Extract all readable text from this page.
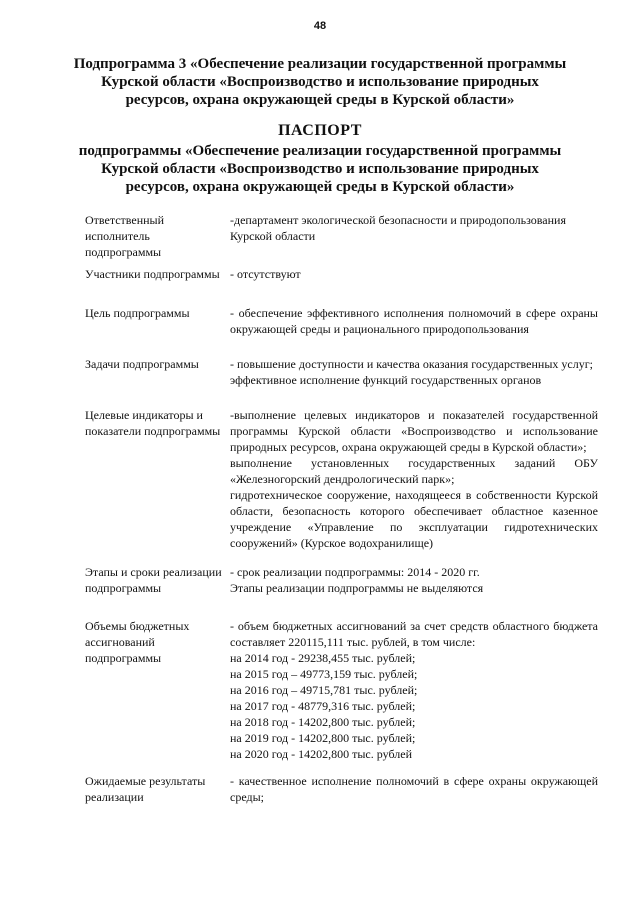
48
Подпрограмма 3 «Обеспечение реализации государственной программы Курской области «Воспроизводство и использование природных ресурсов, охрана окружающей среды в Курской области»
ПАСПОРТ
подпрограммы «Обеспечение реализации государственной программы Курской области «Воспроизводство и использование природных ресурсов, охрана окружающей среды в Курской области»
Ответственный исполнитель подпрограммы

-департамент экологической безопасности и природопользования Курской области

Участники подпрограммы - отсутствуют

Цель подпрограммы	- обеспечение эффективного исполнения полномочий в сфере охраны окружающей среды и рационального природопользования

Задачи подпрограммы	- повышение доступности и качества оказания государственных услуг;

эффективное исполнение функций государственных органов

Целевые индикаторы и показатели подпрограммы

-выполнение целевых индикаторов и показателей государственной программы Курской области «Воспроизводство и использование природных ресурсов, охрана окружающей среды в Курской области»;

выполнение установленных государственных заданий ОБУ «Железногорский дендрологический парк»;

гидротехническое сооружение, находящееся в собственности Курской области, безопасность которого обеспечивает областное казенное учреждение «Управление по эксплуатации гидротехнических сооружений» (Курское водохранилище)

Этапы и сроки реализации подпрограммы

- срок реализации подпрограммы: 2014 - 2020 гг.

Этапы реализации подпрограммы не выделяются

Объемы бюджетных ассигнований подпрограммы

- объем бюджетных ассигнований за счет средств областного бюджета составляет 220115,111 тыс. рублей, в том числе:

на 2014 год - 29238,455 тыс. рублей;

на 2015 год – 49773,159 тыс. рублей;

на 2016 год – 49715,781 тыс. рублей;

на 2017 год - 48779,316 тыс. рублей;

на 2018 год - 14202,800 тыс. рублей;

на 2019 год - 14202,800 тыс. рублей;

на 2020 год - 14202,800 тыс. рублей

Ожидаемые результаты реализации

- качественное исполнение полномочий в сфере охраны окружающей среды;
